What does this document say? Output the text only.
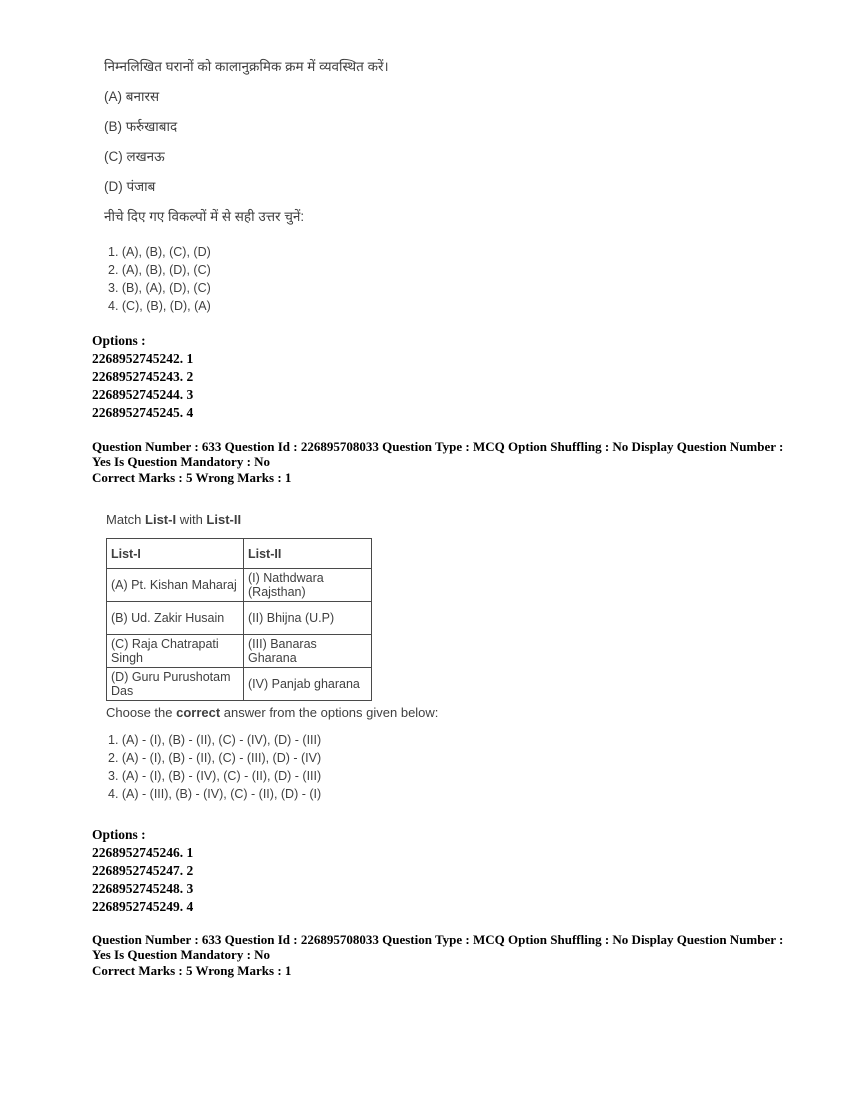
निम्नलिखित घरानों को कालानुक्रमिक क्रम में व्यवस्थित करें।
(A) बनारस
(B) फर्रुखाबाद
(C) लखनऊ
(D) पंजाब
नीचे दिए गए विकल्पों में से सही उत्तर चुनें:
1. (A), (B), (C), (D)
2. (A), (B), (D), (C)
3. (B), (A), (D), (C)
4. (C), (B), (D), (A)
Options :
2268952745242. 1
2268952745243. 2
2268952745244. 3
2268952745245. 4
Question Number : 633 Question Id : 226895708033 Question Type : MCQ Option Shuffling : No Display Question Number : Yes Is Question Mandatory : No
Correct Marks : 5 Wrong Marks : 1
Match List-I with List-II
List-I	List-II
(A) Pt. Kishan Maharaj	(I) Nathdwara (Rajsthan)
(B) Ud. Zakir Husain	(II) Bhijna (U.P)
(C) Raja Chatrapati Singh	(III) Banaras Gharana
(D) Guru Purushotam Das	(IV) Panjab gharana
Choose the correct answer from the options given below:
1. (A) - (I), (B) - (II), (C) - (IV), (D) - (III)
2. (A) - (I), (B) - (II), (C) - (III), (D) - (IV)
3. (A) - (I), (B) - (IV), (C) - (II), (D) - (III)
4. (A) - (III), (B) - (IV), (C) - (II), (D) - (I)
Options :
2268952745246. 1
2268952745247. 2
2268952745248. 3
2268952745249. 4
Question Number : 633 Question Id : 226895708033 Question Type : MCQ Option Shuffling : No Display Question Number : Yes Is Question Mandatory : No
Correct Marks : 5 Wrong Marks : 1
